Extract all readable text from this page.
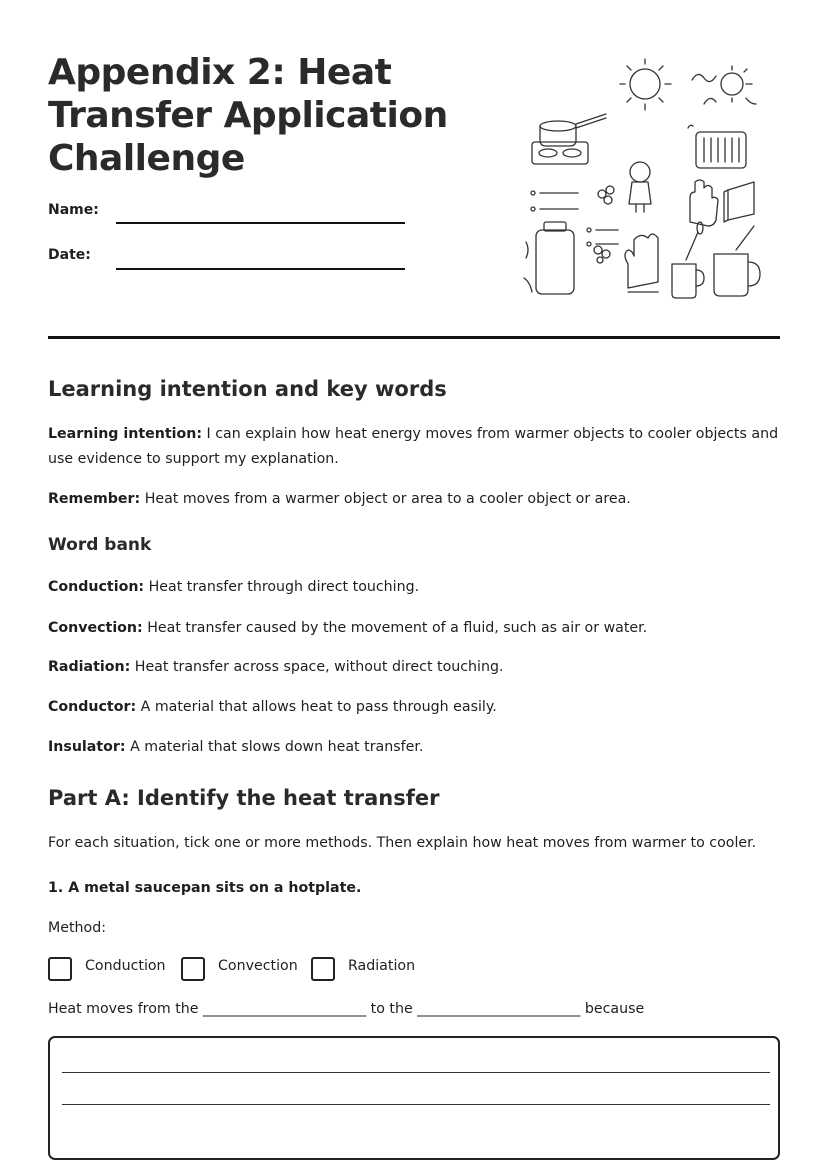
Appendix 2: Heat Transfer Application Challenge
Name:
Date:
Learning intention and key words

Learning intention: I can explain how heat energy moves from warmer objects to cooler objects and use evidence to support my explanation.

Remember: Heat moves from a warmer object or area to a cooler object or area.

Word bank

Conduction: Heat transfer through direct touching.

Convection: Heat transfer caused by the movement of a fluid, such as air or water.

Radiation: Heat transfer across space, without direct touching.

Conductor: A material that allows heat to pass through easily.

Insulator: A material that slows down heat transfer.

Part A: Identify the heat transfer

For each situation, tick one or more methods. Then explain how heat moves from warmer to cooler.

1. A metal saucepan sits on a hotplate.

Method:

Conduction	Convection	Radiation

Heat moves from the _______________________ to the _______________________ because
